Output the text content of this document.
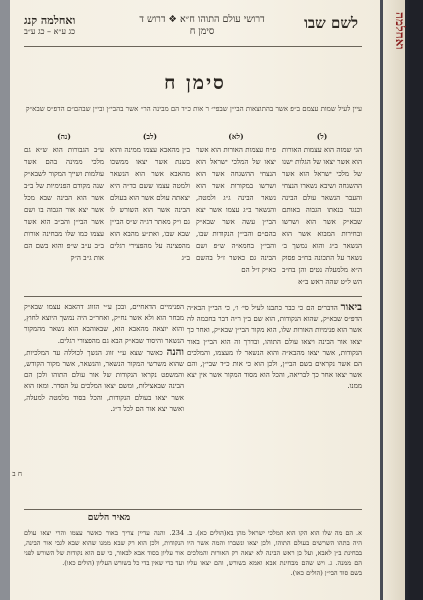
ואחלמה
לשם שבו
דרושי עולם התוהו ח״א ❖ דרוש ד
סימן ח
ואחלמה קנג
כג ע״א – כג ע״ב
סימן ח
עיין לעיל שמות עצמם ב״פ אשר בהתוצאות הבי״ן שבפי״ ר אות כ״ד הם מבינה הר״ אשר בהבי״ן ובי״ן שבהם״ם הדפ״ס שבא״ק
(ל)
הגי שמזה הוא עצמות האורות הוא אשר יצאו של הגלות ישנו של מלכי ישראל הוא אשר ההשגחה ושיבא נשארו הנצחי והעבר הנשאר עולם הבינה וכנגד בנאתו הגבוה באותם שבא״ק אשר הוא ושרשו ובחירות המבוא אשר הוא הנשאר ב״ג והוא נמשך ב׳ נשאר על התכונה בח״ב פסוק ה״א מלמעלה נטים והן בח״ב הש ל״ט שהה ראש ב״א
(לא)
פ״ח עצמות האורות הוא אשר יצאו של המלכי ישראל הוא הנצחי ההשגחה אשר הוא ושרשו במקורות אשר הוא נשאר הבינה ג״ג ולמטה, והנשאר ב״ג עצמו אשר יצא הבי״ן עשה אשר שבא״ק בהם״ם והבי״ן הנקודות שבו, והבי״ן בחמא״ה ש״פ ושם הבינה גם כאשר ז״ל בהשם כא״ק ז״ל הם
(לב)
ב״ן מהאבא עצמו ממינה והוא בשנת אשר יצאו ממשכו מהאבא אשר הוא הנשאר ולמטה עצמו ששם כד״ה היא יצאתה עולם אשר הוא בעולם הבינה אשר הוא השורש לו גם ו״ק מאתר דג״ה ש״ס הבי״ן שבא שבו, ואת״ע מהבא הוא מהפצינה על מהפצירי רגלים ב״ג
(נה)
ע״ב הגבורות הוא ש״א גם מלכי ממינה בהם אשר עולמות ושייך המקור לשבא״ק שנה מקודם הפנימיות של ב״ב אשר הוא הבינה שבא מכל אשר יצא אור הגבוה בו ושם אשר הבי״ן והב״ב הוא אשר עצמו כמו שלו מבחינה אורות ב״ב ע״ב ש״פ והוא בשם הם אות ג״ב ה״ק
ביאור הדברים הם כי כבר כתבנו לעיל סי׳ ו׳, כי הבי״ן הבא״ה הדפ״ס שבא״ק, שהוא הנקודות, הוא שם ב״ן ר״ה דבר בחכמה לה אשר הוא פנימיות האורות שלו, הוא מקור הבי״ן שבא״ק, ואחר כך יצאו אור הבינה ויצאו עולם התוהו, ובדרך זה הוא הבי״ן באור הנקודות, אשר יצאו מהבא״ה והוא הנשאר לו מעצמו, והמלכים הם אשר נקראים בשם הבי״ן, ולכן הוא כי אות כ״ד שבי״ן, והם אשר יצאו אחר כך לבריאה, והכל הוא מסוד המקור אשר אין יצא ממנו.
הפנימיים הדאחיים, ובכן ע״י הזווג דהאבא עצמו שבא״ק מבחר הוא ולא אשר נח״ק, ואחר״כ היה נמשך היוצא לחוץ, והוא יוצאה מהאבא הוא, שבאוהבא הוא נשאר מהמקור הנשאר והיסוד שבא״ק הבא גם מהפצורי רגלים.
והנה כאשר שצא ע״י זווג הנשך לכוללה עד המלכיות, שהוא משרשי המקור הנשאר, והנשאר, אשר מקור הקודש, והמשפט נקראו הנקודות של אור עולם התוהו ולכן הם הבינה שבאצילות, ומשם יצאו המלכים על הסדר. ומאז הוא אשר יצאו בעולם הנקודות, והכל בסוד מלמטה למעלה, ואשר יצא אור הם לכל ד״ג.
ח ב
מאיר הלשם
א. הם מה שלו הוא הקו הוא המלכי ישראל מהן בא(הולים כא). ב. היה בתהו השרשים בעולם התוהו, ולכן יצאו ונשברו והמה אשר היו בבחינת ב״ן לאבא, ועל כן ראש הבינה לא יצאה רק האורות והמלכים הם ממנה. ג. ויש שהם מבחינת אבא ואמא בשורש, והם יצאו עליו בשם סוד הבי״ן (הולים כאו).
234. והנה עדיין צריך באור כאשר עצמו והרי יצאו עולם הנקודות, ולכן הוא רק שבא ממנו שהוא שבא לגבי אור הבינה, אור עליון בסוד אבא לבאור, כי שם הוא נקודות של השורש לפני ועד כדי שאין בדי כל בשורש העליון (הולים כאו).
